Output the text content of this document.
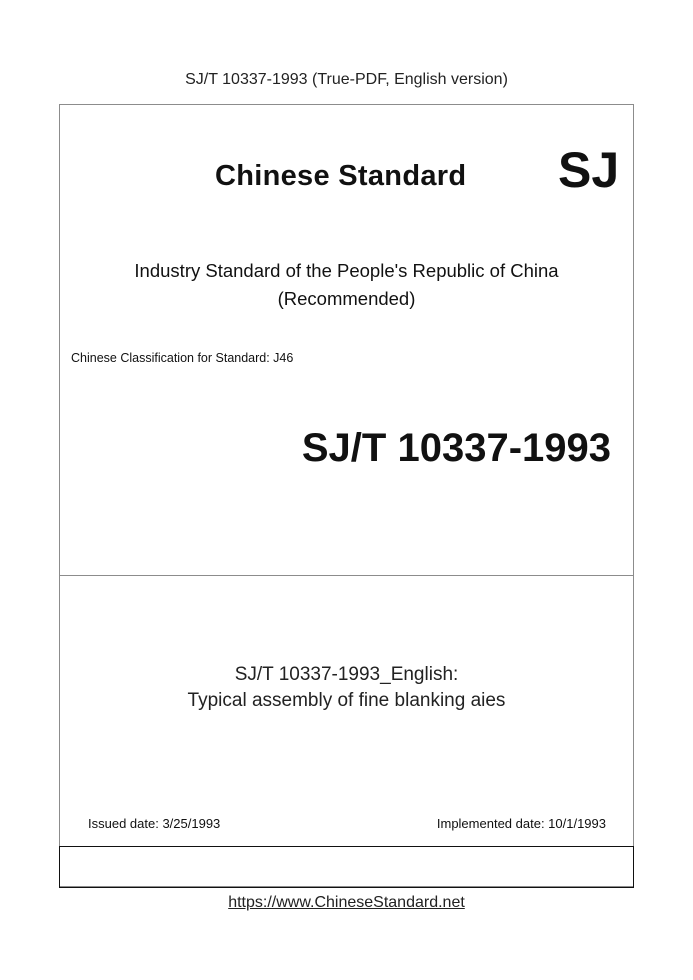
SJ/T 10337-1993 (True-PDF, English version)
Chinese Standard SJ
Industry Standard of the People's Republic of China
(Recommended)
Chinese Classification for Standard: J46
SJ/T 10337-1993
SJ/T 10337-1993_English:
Typical assembly of fine blanking aies
Issued date: 3/25/1993	Implemented date: 10/1/1993
https://www.ChineseStandard.net
